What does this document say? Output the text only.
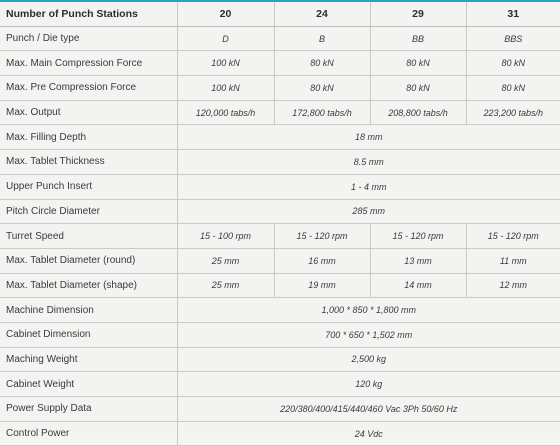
Number of Punch Stations	20	24	29	31
Punch / Die type	D	B	BB	BBS
Max. Main Compression Force	100 kN	80 kN	80 kN	80 kN
Max. Pre Compression Force	100 kN	80 kN	80 kN	80 kN
Max. Output	120,000 tabs/h	172,800 tabs/h	208,800 tabs/h	223,200 tabs/h
Max. Filling Depth	18 mm			
Max. Tablet Thickness	8.5 mm			
Upper Punch Insert	1 - 4 mm			
Pitch Circle Diameter	285 mm			
Turret Speed	15 - 100 rpm	15 - 120 rpm	15 - 120 rpm	15 - 120 rpm
Max. Tablet Diameter (round)	25 mm	16 mm	13 mm	11 mm
Max. Tablet Diameter (shape)	25 mm	19 mm	14 mm	12 mm
Machine Dimension	1,000 * 850 * 1,800 mm			
Cabinet Dimension	700 * 650 * 1,502 mm			
Maching Weight	2,500 kg			
Cabinet Weight	120 kg			
Power Supply Data	220/380/400/415/440/460 Vac 3Ph 50/60 Hz			
Control Power	24 Vdc			
